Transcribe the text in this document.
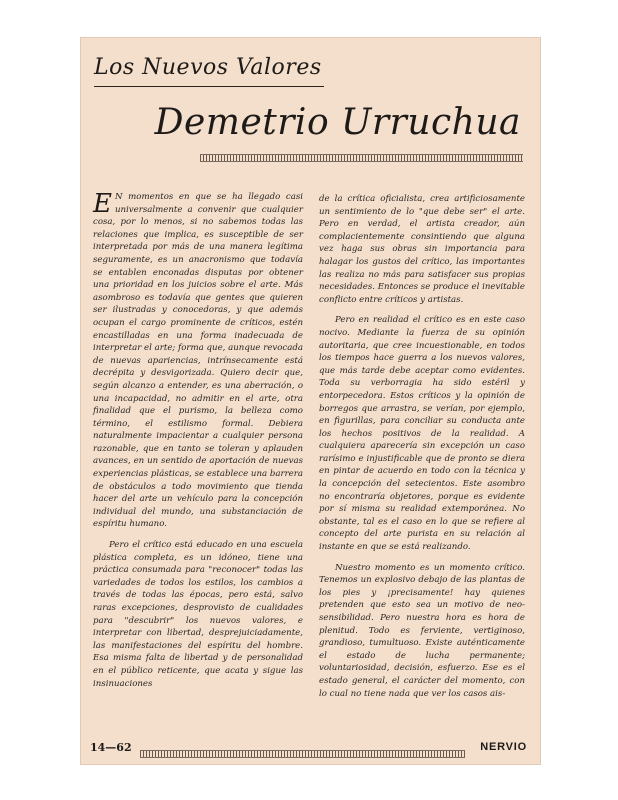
Los Nuevos Valores
Demetrio Urruchua

E N momentos en que se ha llegado casi universalmente a convenir que cualquier cosa, por lo menos, si no sabemos todas las relaciones que implica, es susceptible de ser interpretada por más de una manera legítima seguramente, es un anacronismo que todavía se entablen enconadas disputas por obtener una prioridad en los juicios sobre el arte. Más asombroso es todavía que gentes que quieren ser ilustradas y conocedoras, y que además ocupan el cargo prominente de críticos, estén encastilladas en una forma inadecuada de interpretar el arte; forma que, aunque revocada de nuevas apariencias, intrínsecamente está decrépita y desvigorizada. Quiero decir que, según alcanzo a entender, es una aberración, o una incapacidad, no admitir en el arte, otra finalidad que el purismo, la belleza como término, el estilismo formal. Debiera naturalmente impacientar a cualquier persona razonable, que en tanto se toleran y aplauden avances, en un sentido de aportación de nuevas experiencias plásticas, se establece una barrera de obstáculos a todo movimiento que tienda hacer del arte un vehículo para la concepción individual del mundo, una substanciación de espíritu humano.

Pero el crítico está educado en una escuela plástica completa, es un idóneo, tiene una práctica consumada para "reconocer" todas las variedades de todos los estilos, los cambios a través de todas las épocas, pero está, salvo raras excepciones, desprovisto de cualidades para "descubrir" los nuevos valores, e interpretar con libertad, desprejuiciadamente, las manifestaciones del espíritu del hombre. Esa misma falta de libertad y de personalidad en el público reticente, que acata y sigue las insinuaciones

de la crítica oficialista, crea artificiosamente un sentimiento de lo "que debe ser" el arte. Pero en verdad, el artista creador, aún complacientemente consintiendo que alguna vez haga sus obras sin importancia para halagar los gustos del crítico, las importantes las realiza no más para satisfacer sus propias necesidades. Entonces se produce el inevitable conflicto entre críticos y artistas.

Pero en realidad el crítico es en este caso nocivo. Mediante la fuerza de su opinión autoritaria, que cree incuestionable, en todos los tiempos hace guerra a los nuevos valores, que más tarde debe aceptar como evidentes. Toda su verborragia ha sido estéril y entorpecedora. Estos críticos y la opinión de borregos que arrastra, se verían, por ejemplo, en figurillas, para conciliar su conducta ante los hechos positivos de la realidad. A cualquiera aparecería sin excepción un caso rarísimo e injustificable que de pronto se diera en pintar de acuerdo en todo con la técnica y la concepción del setecientos. Este asombro no encontraría objetores, porque es evidente por sí misma su realidad extemporánea. No obstante, tal es el caso en lo que se refiere al concepto del arte purista en su relación al instante en que se está realizando.

Nuestro momento es un momento crítico. Tenemos un explosivo debajo de las plantas de los pies y ¡precisamente! hay quienes pretenden que esto sea un motivo de neo-sensibilidad. Pero nuestra hora es hora de plenitud. Todo es ferviente, vertiginoso, grandioso, tumultuoso. Existe auténticamente el estado de lucha permanente; voluntariosidad, decisión, esfuerzo. Ese es el estado general, el carácter del momento, con lo cual no tiene nada que ver los casos ais-

14—62	NERVIO
